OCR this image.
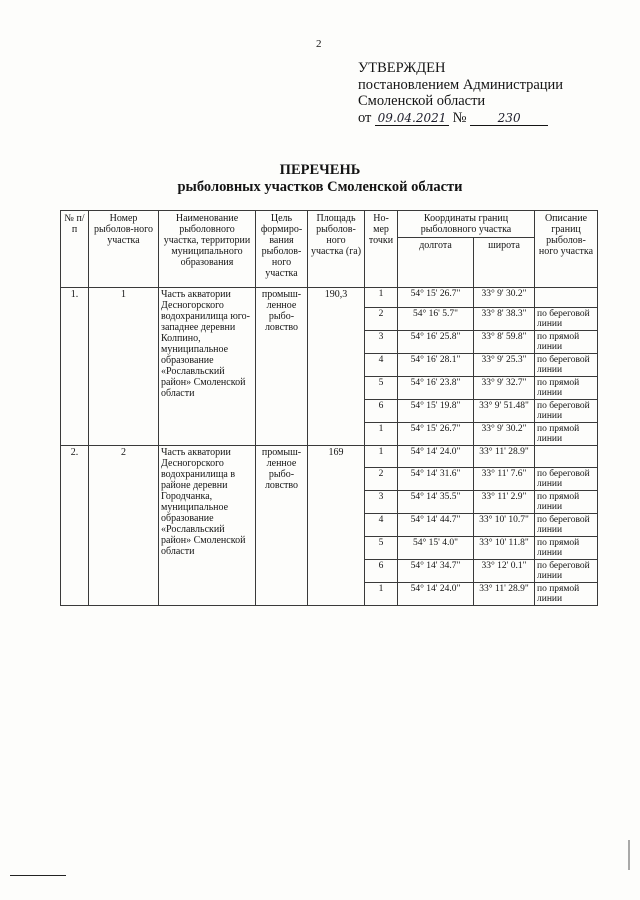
2
УТВЕРЖДЕН
постановлением Администрации
Смоленской области
от 09.04.2021 №	230
ПЕРЕЧЕНЬ
рыболовных участков Смоленской области
№ п/п	Номер рыболов-ного участка	Наименование рыболовного участка, территории муниципального образования	Цель формиро-вания рыболов-ного участка	Площадь рыболов-ного участка (га)	Но-мер точки	Координаты границ рыболовного участка		Описание границ рыболов-ного участка
						долгота	широта	
1.	1	Часть акватории Десногорского водохранилища юго-западнее деревни Колпино, муниципальное образование «Рославльский район» Смоленской области	промыш-ленное рыбо-ловство	190,3	1	54° 15' 26.7"	33° 9' 30.2"	
					2	54° 16' 5.7"	33° 8' 38.3"	по береговой линии
					3	54° 16' 25.8"	33° 8' 59.8"	по прямой линии
					4	54° 16' 28.1"	33° 9' 25.3"	по береговой линии
					5	54° 16' 23.8"	33° 9' 32.7"	по прямой линии
					6	54° 15' 19.8"	33° 9' 51.48"	по береговой линии
					1	54° 15' 26.7"	33° 9' 30.2"	по прямой линии
2.	2	Часть акватории Десногорского водохранилища в районе деревни Городчанка, муниципальное образование «Рославльский район» Смоленской области	промыш-ленное рыбо-ловство	169	1	54° 14' 24.0"	33° 11' 28.9"	
					2	54° 14' 31.6"	33° 11' 7.6"	по береговой линии
					3	54° 14' 35.5"	33° 11' 2.9"	по прямой линии
					4	54° 14' 44.7"	33° 10' 10.7"	по береговой линии
					5	54° 15' 4.0"	33° 10' 11.8"	по прямой линии
					6	54° 14' 34.7"	33° 12' 0.1"	по береговой линии
					1	54° 14' 24.0"	33° 11' 28.9"	по прямой линии
